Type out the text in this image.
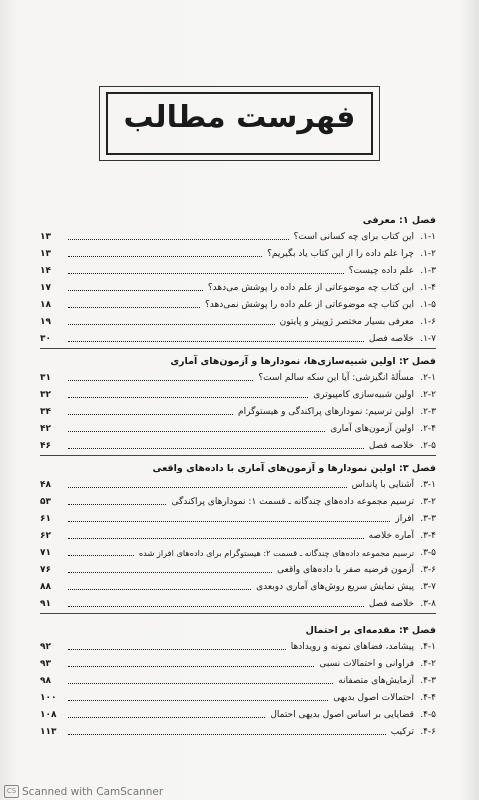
فهرست مطالب
فصل ۱: معرفی
۱-۱.
این کتاب برای چه کسانی است؟
۱۳
۱-۲.
چرا علم داده را از این کتاب یاد بگیریم؟
۱۳
۱-۳.
علم داده چیست؟
۱۴
۱-۴.
این کتاب چه موضوعاتی از علم داده را پوشش می‌دهد؟
۱۷
۱-۵.
این کتاب چه موضوعاتی از علم داده را پوشش نمی‌دهد؟
۱۸
۱-۶.
معرفی بسیار مختصر ژوپیتر و پایتون
۱۹
۱-۷.
خلاصه فصل
۳۰
فصل ۲: اولین شبیه‌سازی‌ها، نمودارها و آزمون‌های آماری
۲-۱.
مسألهٔ انگیزشی: آیا این سکه سالم است؟
۳۱
۲-۲.
اولین شبیه‌سازی کامپیوتری
۳۲
۲-۳.
اولین ترسیم: نمودارهای پراکندگی و هیستوگرام
۳۴
۲-۴.
اولین آزمون‌های آماری
۴۲
۲-۵.
خلاصه فصل
۴۶
فصل ۳: اولین نمودارها و آزمون‌های آماری با داده‌های واقعی
۳-۱.
آشنایی با پانداس
۴۸
۳-۲.
ترسیم مجموعه داده‌های چندگانه ـ قسمت ۱: نمودارهای پراکندگی
۵۳
۳-۳.
افراز
۶۱
۳-۴.
آماره خلاصه
۶۲
۳-۵.
ترسیم مجموعه داده‌های چندگانه ـ قسمت ۲: هیستوگرام برای داده‌های افراز شده
۷۱
۳-۶.
آزمون فرضیه صفر با داده‌های واقعی
۷۶
۳-۷.
پیش نمایش سریع روش‌های آماری دوبعدی
۸۸
۳-۸.
خلاصه فصل
۹۱
فصل ۴: مقدمه‌ای بر احتمال
۴-۱.
پیشامد، فضاهای نمونه و رویدادها
۹۲
۴-۲.
فراوانی و احتمالات نسبی
۹۳
۴-۳.
آزمایش‌های متصفانه
۹۸
۴-۴.
احتمالات اصول بدیهی
۱۰۰
۴-۵.
قضایایی بر اساس اصول بدیهی احتمال
۱۰۸
۴-۶.
ترکیب
۱۱۳
CS Scanned with CamScanner
